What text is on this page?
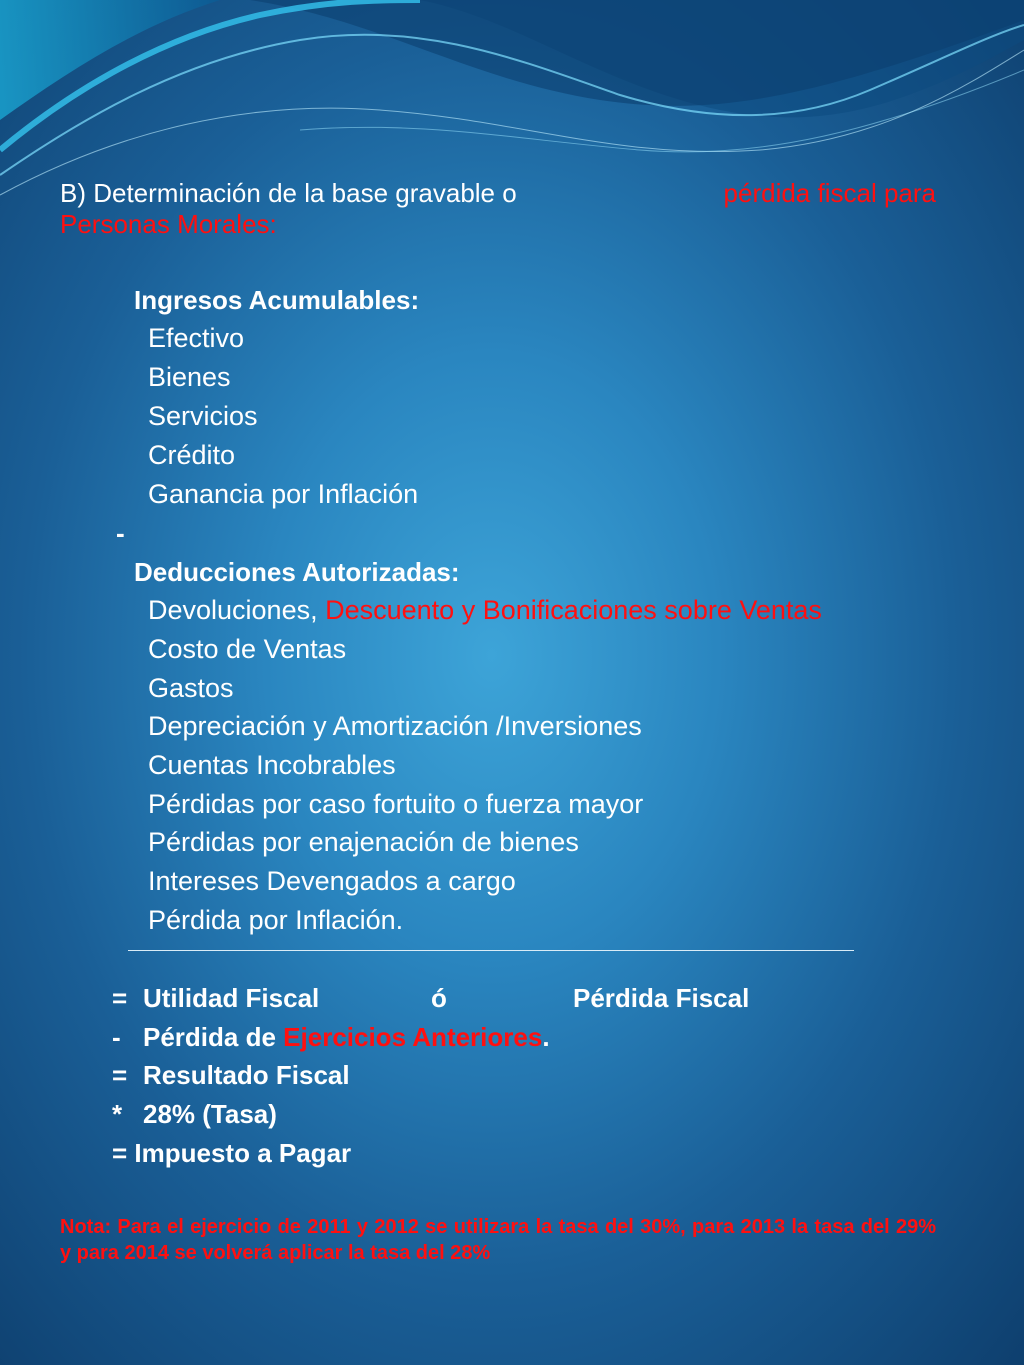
B) Determinación de la base gravable o	pérdida fiscal para
Personas Morales:
Ingresos Acumulables:
Efectivo
Bienes
Servicios
Crédito
Ganancia por Inflación
-
Deducciones Autorizadas:
Devoluciones, Descuento y Bonificaciones sobre Ventas
Costo de Ventas
Gastos
Depreciación y Amortización /Inversiones
Cuentas Incobrables
Pérdidas por caso fortuito o fuerza mayor
Pérdidas por enajenación de bienes
Intereses Devengados a cargo
Pérdida por Inflación.
= Utilidad Fiscal	ó	Pérdida Fiscal
- Pérdida de Ejercicios Anteriores.
= Resultado Fiscal
* 28% (Tasa)
= Impuesto a Pagar
Nota: Para el ejercicio de 2011 y 2012 se utilizara la tasa del 30%, para 2013 la tasa del 29% y para 2014 se volverá aplicar la tasa del 28%
